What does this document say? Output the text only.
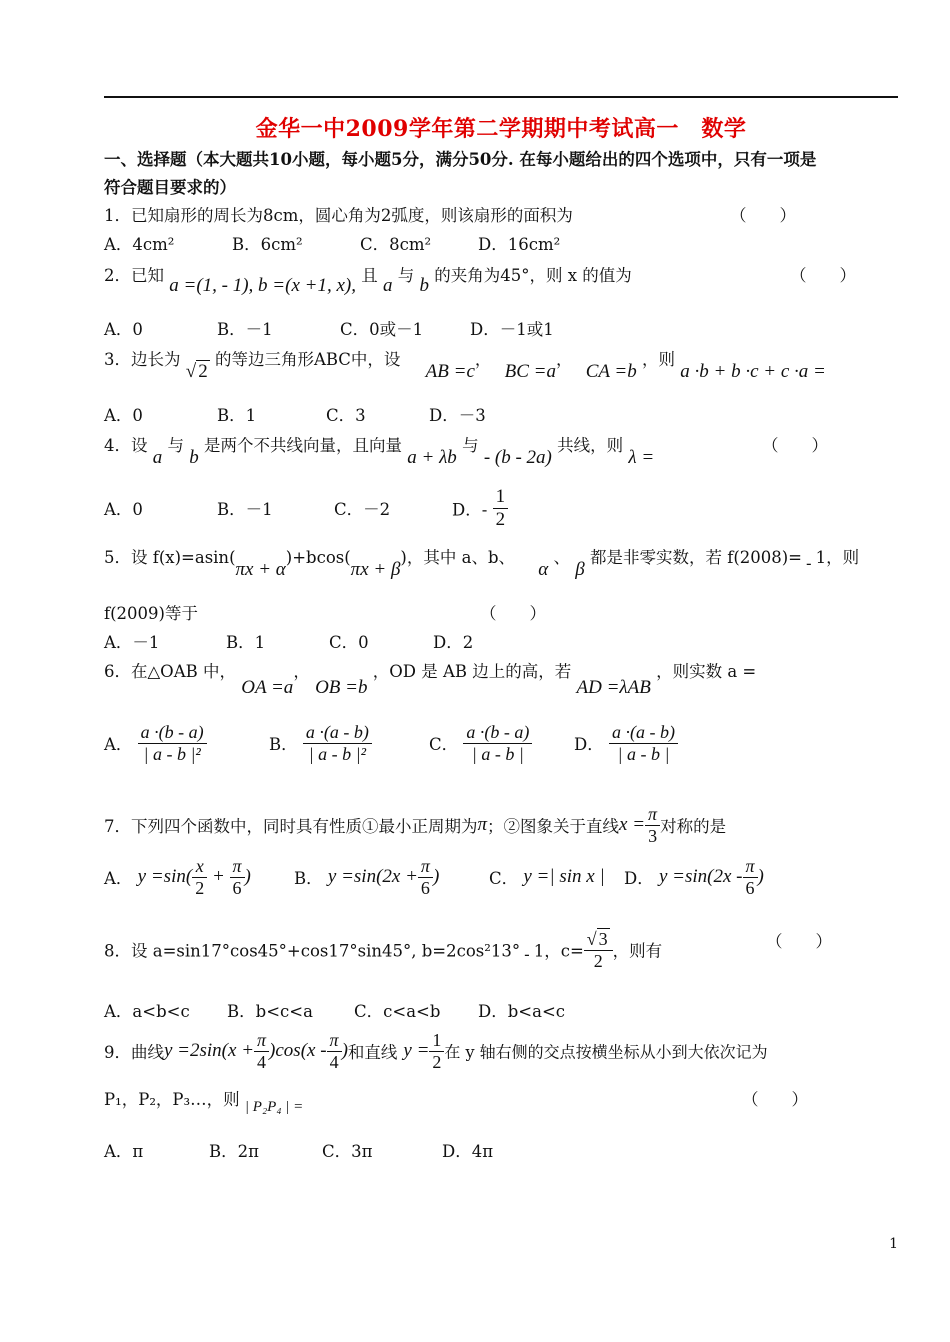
金华一中2009学年第二学期期中考试高一　数学
一、选择题（本大题共10小题，每小题5分，满分50分. 在每小题给出的四个选项中，只有一项是
符合题目要求的）
1．已知扇形的周长为8cm，圆心角为2弧度，则该扇形的面积为	（　　）
A．4cm²	B．6cm²	C．8cm²	D．16cm²
2．已知 a =(1, - 1), b =(x +1, x), 且 a 与 b 的夹角为45°，则 x 的值为	（　　）
A．0	B．－1	C．0或－1	D．－1或1
3．边长为 √ 2 的等边三角形ABC中，设 AB =c， BC =a， CA =b ，则 a ·b + b ·c + c ·a =
A．0	B．1	C．3	D．－3
4．设 a 与 b 是两个不共线向量，且向量 a + λb 与 - (b - 2a) 共线，则 λ =
（　　）
A．0	B．－1	C．－2	D．- $\frac{1}{2}$
5．设 f(x)=asin(πx + α)+bcos(πx + β)，其中 a、b、 α 、 β 都是非零实数，若 f(2008)= - 1，则
f(2009)等于	（　　）
A．－1	B．1	C．0	D．2
6．在△OAB 中， OA =a， OB =b ，OD 是 AB 边上的高，若 AD =λAB ，则实数 a =
A． $\frac{a \cdot(b - a)}{\text{| a - b |²}}$	B． $\frac{a \cdot(a - b)}{\text{| a - b |²}}$	C． $\frac{a \cdot(b - a)}{| a - b |}$	D． $\frac{a \cdot(a - b)}{| a - b |}$
7．下列四个函数中，同时具有性质①最小正周期为π；②图象关于直线$x = \frac{\pi}{3}$ 对称的是
A． $y =\sin( \frac{x}{2} + \frac{\pi}{6}$ )	B． $y =\sin(2x + \frac{\pi}{6}$ )	C． y =| sin x | D． $y =\sin(2x - \frac{\pi}{6}$ )
8．设 a=sin17°cos45°+cos17°sin45°, b=2cos²13° - 1，$c= \frac{√ 3}{2}$ ，则有
（　　）
A．a<b<c B．b<c<a C．c<a<b D．b<a<c
9．曲线$y =2\sin(x + \frac{\pi}{4} )\cos(x - \frac{\pi}{4}$ )和直线 $y = \frac{1}{2}$ 在 y 轴右侧的交点按横坐标从小到大依次记为
P₁，P₂，P₃…，则 | P₂P₄ | =	（　　）
A．π	B．2π	C．3π	D．4π
1
